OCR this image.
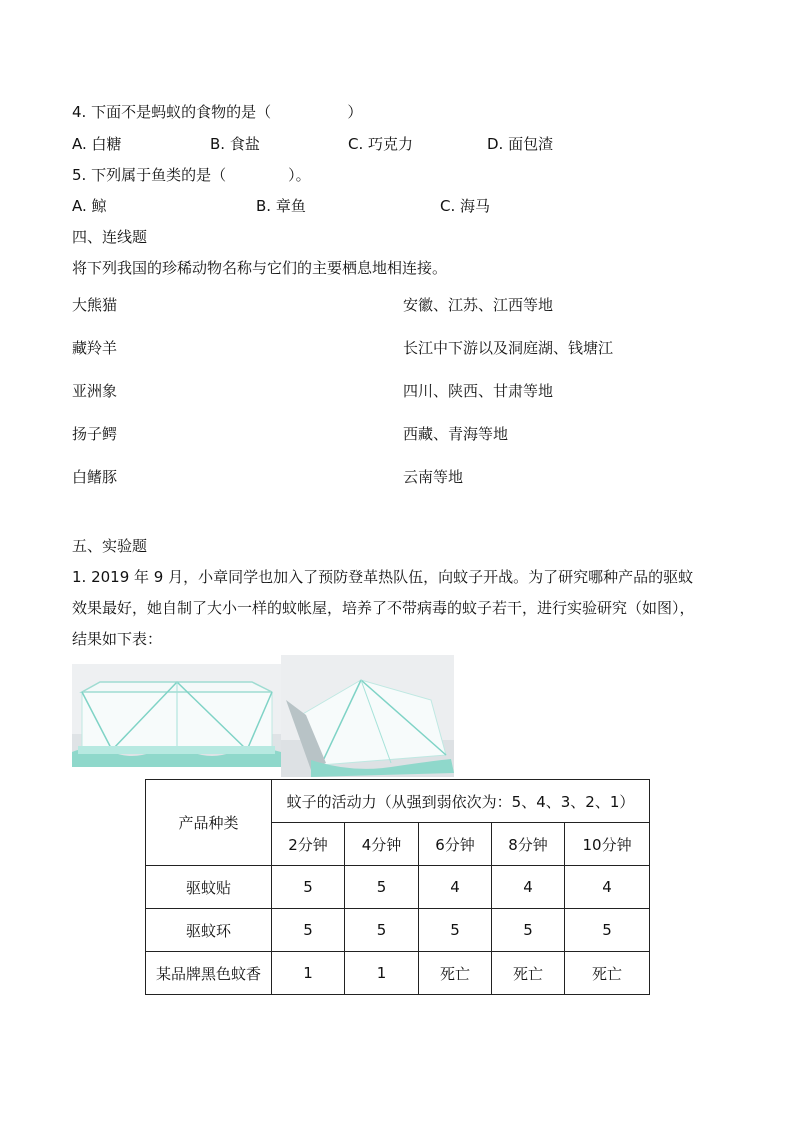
4. 下面不是蚂蚁的食物的是（                ）
A. 白糖	B. 食盐	C. 巧克力	D. 面包渣
5. 下列属于鱼类的是（             ）。
A. 鲸	B. 章鱼	C. 海马
四、连线题
将下列我国的珍稀动物名称与它们的主要栖息地相连接。
大熊猫	安徽、江苏、江西等地
藏羚羊	长江中下游以及洞庭湖、钱塘江
亚洲象	四川、陕西、甘肃等地
扬子鳄	西藏、青海等地
白鳍豚	云南等地
五、实验题
1. 2019 年 9 月，小章同学也加入了预防登革热队伍，向蚊子开战。为了研究哪种产品的驱蚊
效果最好，她自制了大小一样的蚊帐屋，培养了不带病毒的蚊子若干，进行实验研究（如图），
结果如下表：
产品种类	蚊子的活动力（从强到弱依次为：5、4、3、2、1）				
	2分钟	4分钟	6分钟	8分钟	10分钟
驱蚊贴	5	5	4	4	4
驱蚊环	5	5	5	5	5
某品牌黑色蚊香	1	1	死亡	死亡	死亡
